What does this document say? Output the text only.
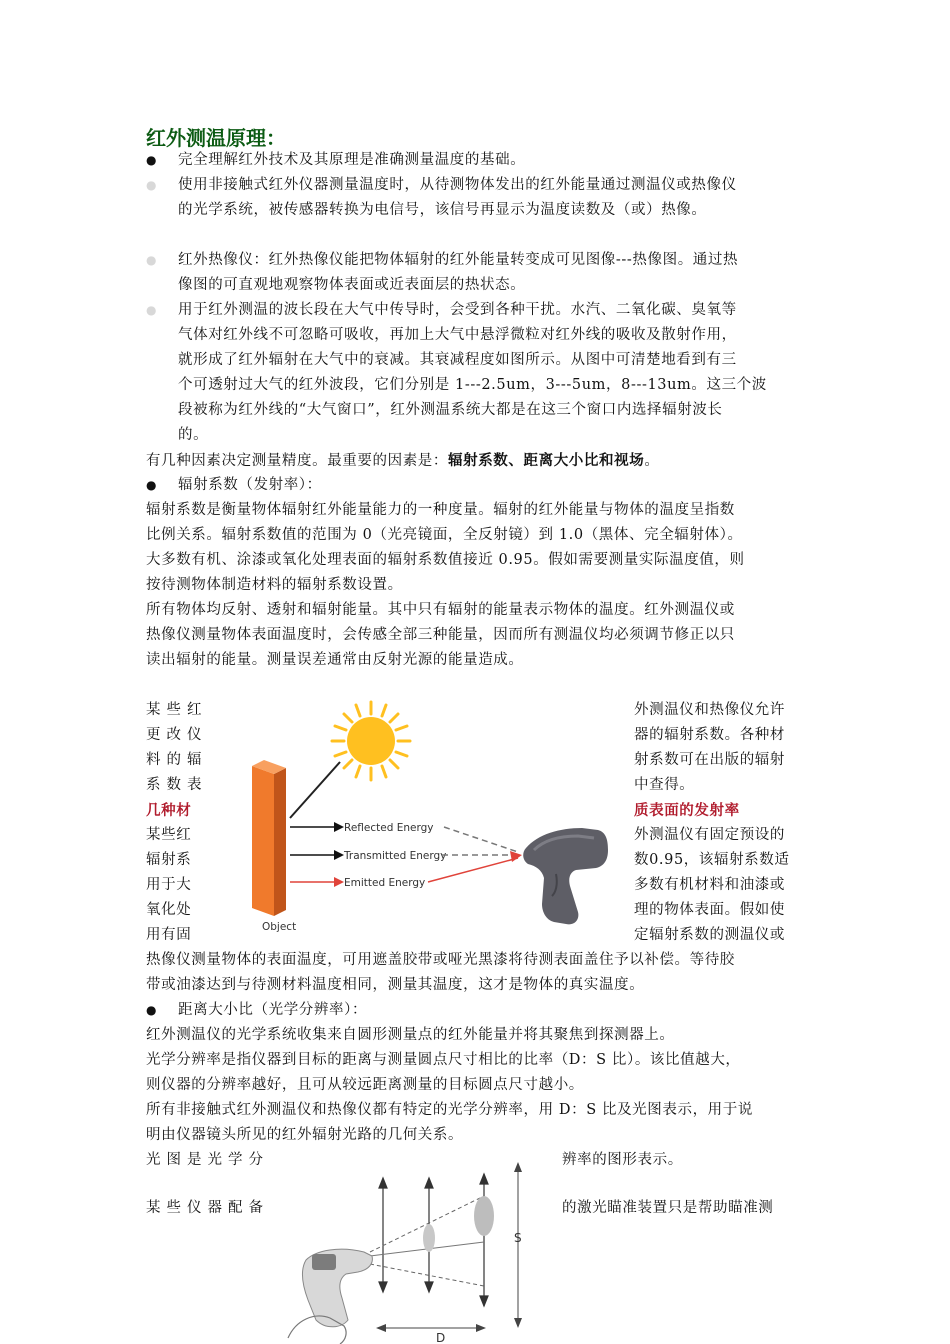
红外测温原理：
● 完全理解红外技术及其原理是准确测量温度的基础。
● 使用非接触式红外仪器测量温度时，从待测物体发出的红外能量通过测温仪或热像仪
的光学系统，被传感器转换为电信号，该信号再显示为温度读数及（或）热像。
● 红外热像仪：红外热像仪能把物体辐射的红外能量转变成可见图像---热像图。通过热
像图的可直观地观察物体表面或近表面层的热状态。
● 用于红外测温的波长段在大气中传导时，会受到各种干扰。水汽、二氧化碳、臭氧等
气体对红外线不可忽略可吸收，再加上大气中悬浮微粒对红外线的吸收及散射作用，
就形成了红外辐射在大气中的衰减。其衰减程度如图所示。从图中可清楚地看到有三
个可透射过大气的红外波段，它们分别是 1---2.5um，3---5um，8---13um。这三个波
段被称为红外线的“大气窗口”，红外测温系统大都是在这三个窗口内选择辐射波长
的。
有几种因素决定测量精度。最重要的因素是：辐射系数、距离大小比和视场。
● 辐射系数（发射率）：
辐射系数是衡量物体辐射红外能量能力的一种度量。辐射的红外能量与物体的温度呈指数
比例关系。辐射系数值的范围为 0（光亮镜面，全反射镜）到 1.0（黑体、完全辐射体）。
大多数有机、涂漆或氧化处理表面的辐射系数值接近 0.95。假如需要测量实际温度值，则
按待测物体制造材料的辐射系数设置。
所有物体均反射、透射和辐射能量。其中只有辐射的能量表示物体的温度。红外测温仪或
热像仪测量物体表面温度时，会传感全部三种能量，因而所有测温仪均必须调节修正以只
读出辐射的能量。测量误差通常由反射光源的能量造成。
某些红
更改仪
料的辐
系数表
几种材
某些红
辐射系
用于大
氧化处
用有固
外测温仪和热像仪允许
器的辐射系数。各种材
射系数可在出版的辐射
中查得。
质表面的发射率
外测温仪有固定预设的
数0.95，该辐射系数适
多数有机材料和油漆或
理的物体表面。假如使
定辐射系数的测温仪或
Reflected Energy
Transmitted Energy
Emitted Energy
Object
热像仪测量物体的表面温度，可用遮盖胶带或哑光黑漆将待测表面盖住予以补偿。等待胶
带或油漆达到与待测材料温度相同，测量其温度，这才是物体的真实温度。
● 距离大小比（光学分辨率）：
红外测温仪的光学系统收集来自圆形测量点的红外能量并将其聚焦到探测器上。
光学分辨率是指仪器到目标的距离与测量圆点尺寸相比的比率（D：S 比）。该比值越大，
则仪器的分辨率越好，且可从较远距离测量的目标圆点尺寸越小。
所有非接触式红外测温仪和热像仪都有特定的光学分辨率，用 D：S 比及光图表示，用于说
明由仪器镜头所见的红外辐射光路的几何关系。
光图是光学分	辨率的图形表示。
某些仪器配备	的激光瞄准装置只是帮助瞄准测
S
D
